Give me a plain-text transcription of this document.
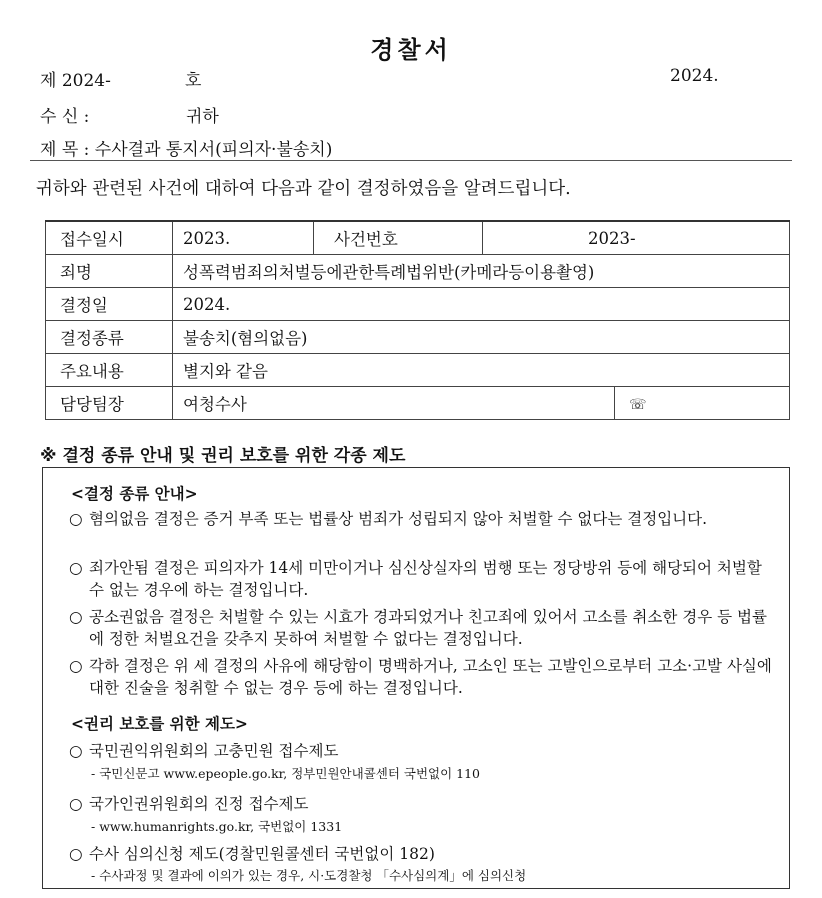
경찰서
제 2024-	호	2024.
수 신 :	귀하
제 목 : 수사결과 통지서(피의자·불송치)
귀하와 관련된 사건에 대하여 다음과 같이 결정하였음을 알려드립니다.
접수일시	2023.	사건번호	2023-	
죄명	성폭력범죄의처벌등에관한특례법위반(카메라등이용촬영)			
결정일	2024.			
결정종류	불송치(혐의없음)			
주요내용	별지와 같음			
담당팀장	여청수사			☏
※ 결정 종류 안내 및 권리 보호를 위한 각종 제도
<결정 종류 안내>
○ 혐의없음 결정은 증거 부족 또는 법률상 범죄가 성립되지 않아 처벌할 수 없다는 결정입니다.
○ 죄가안됨 결정은 피의자가 14세 미만이거나 심신상실자의 범행 또는 정당방위 등에 해당되어 처벌할 수 없는 경우에 하는 결정입니다.
○ 공소권없음 결정은 처벌할 수 있는 시효가 경과되었거나 친고죄에 있어서 고소를 취소한 경우 등 법률에 정한 처벌요건을 갖추지 못하여 처벌할 수 없다는 결정입니다.
○ 각하 결정은 위 세 결정의 사유에 해당함이 명백하거나, 고소인 또는 고발인으로부터 고소·고발 사실에 대한 진술을 청취할 수 없는 경우 등에 하는 결정입니다.
<권리 보호를 위한 제도>
○ 국민권익위원회의 고충민원 접수제도
- 국민신문고 www.epeople.go.kr, 정부민원안내콜센터 국번없이 110
○ 국가인권위원회의 진정 접수제도
- www.humanrights.go.kr, 국번없이 1331
○ 수사 심의신청 제도(경찰민원콜센터 국번없이 182)
- 수사과정 및 결과에 이의가 있는 경우, 시·도경찰청 「수사심의계」에 심의신청
